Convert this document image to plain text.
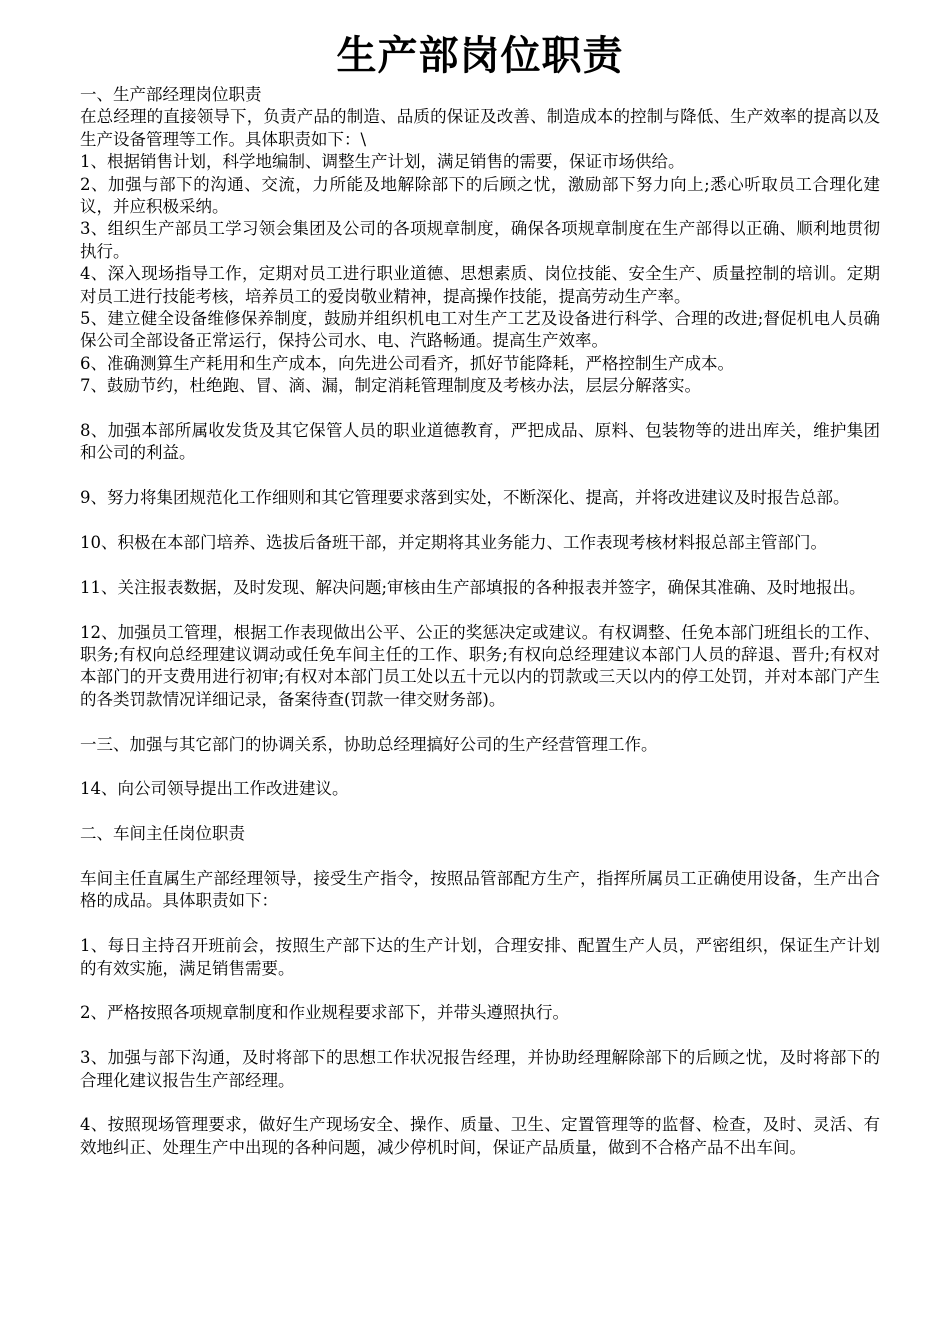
生产部岗位职责
一、生产部经理岗位职责
在总经理的直接领导下，负责产品的制造、品质的保证及改善、制造成本的控制与降低、生产效率的提高以及生产设备管理等工作。具体职责如下：\
1、根据销售计划，科学地编制、调整生产计划，满足销售的需要，保证市场供给。
2、加强与部下的沟通、交流，力所能及地解除部下的后顾之忧，激励部下努力向上;悉心听取员工合理化建议，并应积极采纳。
3、组织生产部员工学习领会集团及公司的各项规章制度，确保各项规章制度在生产部得以正确、顺利地贯彻执行。
4、深入现场指导工作，定期对员工进行职业道德、思想素质、岗位技能、安全生产、质量控制的培训。定期对员工进行技能考核，培养员工的爱岗敬业精神，提高操作技能，提高劳动生产率。
5、建立健全设备维修保养制度，鼓励并组织机电工对生产工艺及设备进行科学、合理的改进;督促机电人员确保公司全部设备正常运行，保持公司水、电、汽路畅通。提高生产效率。
6、准确测算生产耗用和生产成本，向先进公司看齐，抓好节能降耗，严格控制生产成本。
7、鼓励节约，杜绝跑、冒、滴、漏，制定消耗管理制度及考核办法，层层分解落实。
8、加强本部所属收发货及其它保管人员的职业道德教育，严把成品、原料、包装物等的进出库关，维护集团和公司的利益。
9、努力将集团规范化工作细则和其它管理要求落到实处，不断深化、提高，并将改进建议及时报告总部。
10、积极在本部门培养、选拔后备班干部，并定期将其业务能力、工作表现考核材料报总部主管部门。
11、关注报表数据，及时发现、解决问题;审核由生产部填报的各种报表并签字，确保其准确、及时地报出。
12、加强员工管理，根据工作表现做出公平、公正的奖惩决定或建议。有权调整、任免本部门班组长的工作、职务;有权向总经理建议调动或任免车间主任的工作、职务;有权向总经理建议本部门人员的辞退、晋升;有权对本部门的开支费用进行初审;有权对本部门员工处以五十元以内的罚款或三天以内的停工处罚，并对本部门产生的各类罚款情况详细记录，备案待查(罚款一律交财务部)。
一三、加强与其它部门的协调关系，协助总经理搞好公司的生产经营管理工作。
14、向公司领导提出工作改进建议。
二、车间主任岗位职责
车间主任直属生产部经理领导，接受生产指令，按照品管部配方生产，指挥所属员工正确使用设备，生产出合格的成品。具体职责如下：
1、每日主持召开班前会，按照生产部下达的生产计划，合理安排、配置生产人员，严密组织，保证生产计划的有效实施，满足销售需要。
2、严格按照各项规章制度和作业规程要求部下，并带头遵照执行。
3、加强与部下沟通，及时将部下的思想工作状况报告经理，并协助经理解除部下的后顾之忧，及时将部下的合理化建议报告生产部经理。
4、按照现场管理要求，做好生产现场安全、操作、质量、卫生、定置管理等的监督、检查，及时、灵活、有效地纠正、处理生产中出现的各种问题，减少停机时间，保证产品质量，做到不合格产品不出车间。
